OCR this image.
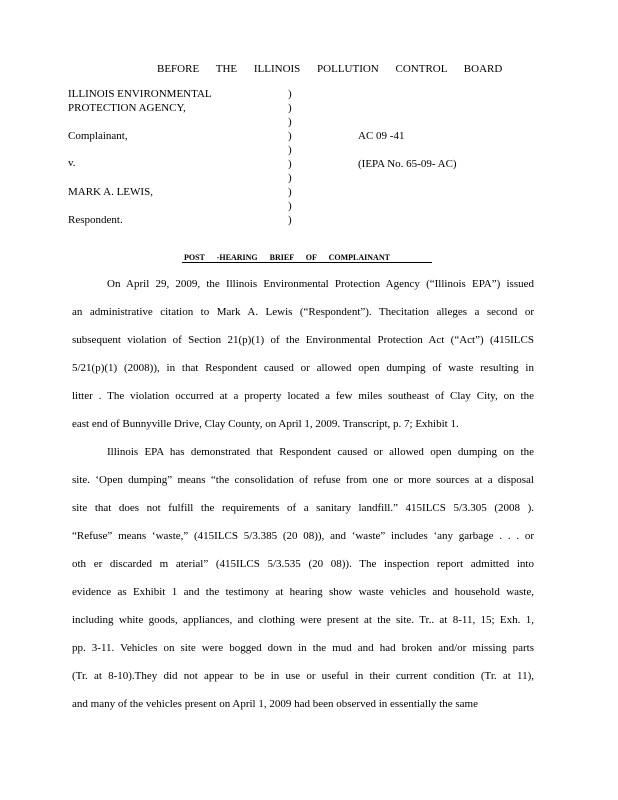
BEFORE THE ILLINOIS POLLUTION CONTROL BOARD
ILLINOIS ENVIRONMENTAL
PROTECTION AGENCY,
Complainant,
v.
MARK A. LEWIS,
Respondent.
)
)
)
)
)
)
)
)
)
)
AC 09 -41
(IEPA No. 65-09- AC)
POST -HEARING BRIEF OF COMPLAINANT
On April 29, 2009, the Illinois Environmental Protection Agency (“Illinois EPA”) issued
an administrative citation to Mark A. Lewis (“Respondent”). Thecitation alleges a second or
subsequent violation of Section 21(p)(1) of the Environmental Protection Act (“Act”) (415ILCS
5/21(p)(1) (2008)), in that Respondent caused or allowed open dumping of waste resulting in
litter . The violation occurred at a property located a few miles southeast of Clay City, on the
east end of Bunnyville Drive, Clay County, on April 1, 2009. Transcript, p. 7; Exhibit 1.
Illinois EPA has demonstrated that Respondent caused or allowed open dumping on the
site. ‘Open dumping” means “the consolidation of refuse from one or more sources at a disposal
site that does not fulfill the requirements of a sanitary landfill.” 415ILCS 5/3.305 (2008 ).
“Refuse” means ‘waste,” (415ILCS 5/3.385 (20 08)), and ‘waste” includes ‘any garbage . . . or
oth er discarded m aterial” (415ILCS 5/3.535 (20 08)). The inspection report admitted into
evidence as Exhibit 1 and the testimony at hearing show waste vehicles and household waste,
including white goods, appliances, and clothing were present at the site. Tr.. at 8-11, 15; Exh. 1,
pp. 3-11. Vehicles on site were bogged down in the mud and had broken and/or missing parts
(Tr. at 8-10).They did not appear to be in use or useful in their current condition (Tr. at 11),
and many of the vehicles present on April 1, 2009 had been observed in essentially the same
